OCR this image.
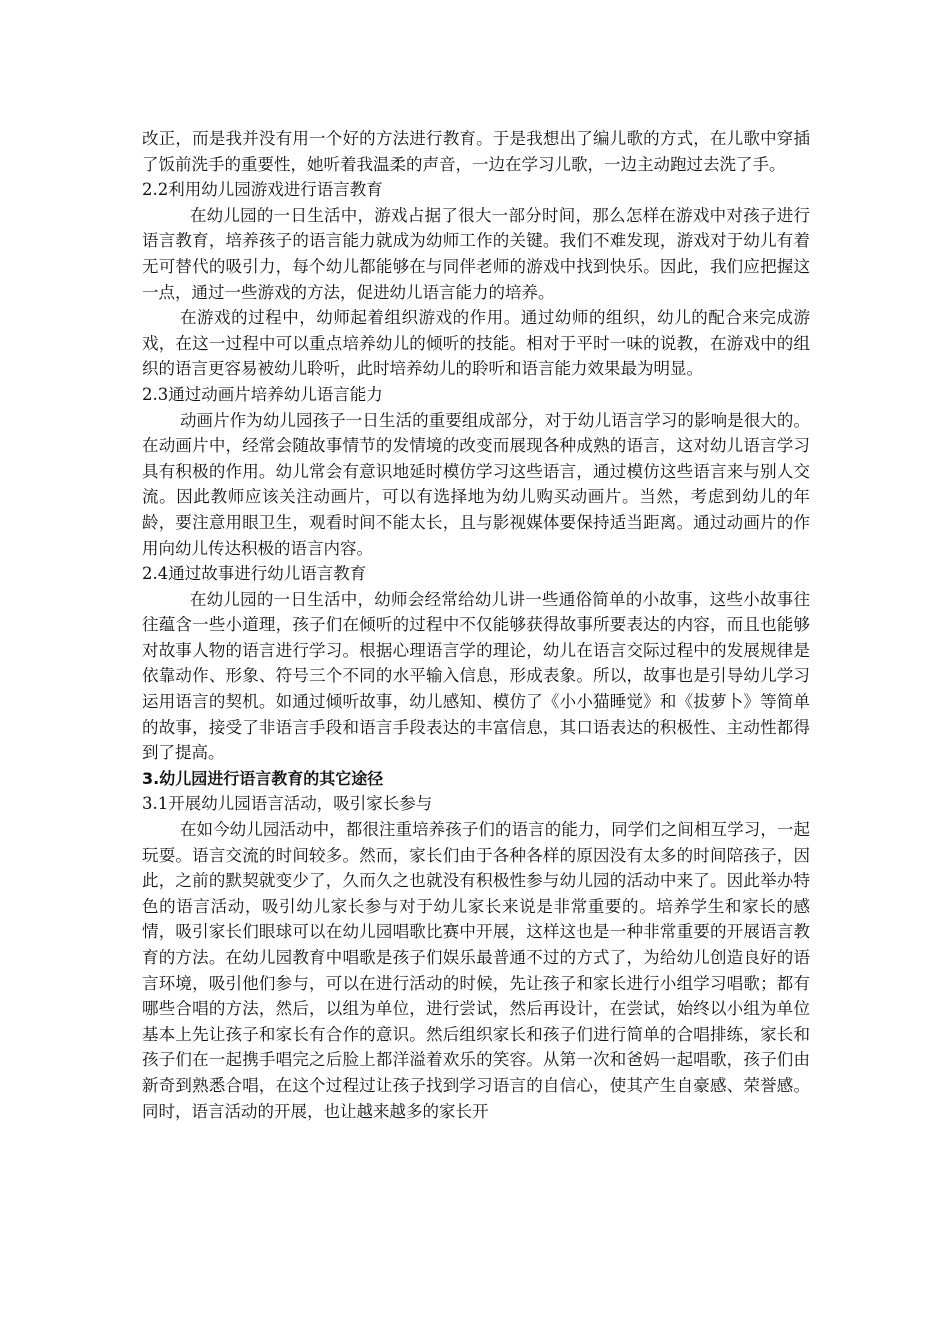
改正，而是我并没有用一个好的方法进行教育。于是我想出了编儿歌的方式，在儿歌中穿插了饭前洗手的重要性，她听着我温柔的声音，一边在学习儿歌，一边主动跑过去洗了手。

2.2利用幼儿园游戏进行语言教育

在幼儿园的一日生活中，游戏占据了很大一部分时间，那么怎样在游戏中对孩子进行语言教育，培养孩子的语言能力就成为幼师工作的关键。我们不难发现，游戏对于幼儿有着无可替代的吸引力，每个幼儿都能够在与同伴老师的游戏中找到快乐。因此，我们应把握这一点，通过一些游戏的方法，促进幼儿语言能力的培养。

在游戏的过程中，幼师起着组织游戏的作用。通过幼师的组织，幼儿的配合来完成游戏，在这一过程中可以重点培养幼儿的倾听的技能。相对于平时一味的说教，在游戏中的组织的语言更容易被幼儿聆听，此时培养幼儿的聆听和语言能力效果最为明显。

2.3通过动画片培养幼儿语言能力

动画片作为幼儿园孩子一日生活的重要组成部分，对于幼儿语言学习的影响是很大的。在动画片中，经常会随故事情节的发情境的改变而展现各种成熟的语言，这对幼儿语言学习具有积极的作用。幼儿常会有意识地延时模仿学习这些语言，通过模仿这些语言来与别人交流。因此教师应该关注动画片，可以有选择地为幼儿购买动画片。当然，考虑到幼儿的年龄，要注意用眼卫生，观看时间不能太长，且与影视媒体要保持适当距离。通过动画片的作用向幼儿传达积极的语言内容。

2.4通过故事进行幼儿语言教育

在幼儿园的一日生活中，幼师会经常给幼儿讲一些通俗简单的小故事，这些小故事往往蕴含一些小道理，孩子们在倾听的过程中不仅能够获得故事所要表达的内容，而且也能够对故事人物的语言进行学习。根据心理语言学的理论，幼儿在语言交际过程中的发展规律是依靠动作、形象、符号三个不同的水平输入信息，形成表象。所以，故事也是引导幼儿学习运用语言的契机。如通过倾听故事，幼儿感知、模仿了《小小猫睡觉》和《拔萝卜》等简单的故事，接受了非语言手段和语言手段表达的丰富信息，其口语表达的积极性、主动性都得到了提高。

3.幼儿园进行语言教育的其它途径

3.1开展幼儿园语言活动，吸引家长参与

在如今幼儿园活动中，都很注重培养孩子们的语言的能力，同学们之间相互学习，一起玩耍。语言交流的时间较多。然而，家长们由于各种各样的原因没有太多的时间陪孩子，因此，之前的默契就变少了，久而久之也就没有积极性参与幼儿园的活动中来了。因此举办特色的语言活动，吸引幼儿家长参与对于幼儿家长来说是非常重要的。培养学生和家长的感情，吸引家长们眼球可以在幼儿园唱歌比赛中开展，这样这也是一种非常重要的开展语言教育的方法。在幼儿园教育中唱歌是孩子们娱乐最普通不过的方式了，为给幼儿创造良好的语言环境，吸引他们参与，可以在进行活动的时候，先让孩子和家长进行小组学习唱歌；都有哪些合唱的方法，然后，以组为单位，进行尝试，然后再设计，在尝试，始终以小组为单位基本上先让孩子和家长有合作的意识。然后组织家长和孩子们进行简单的合唱排练，家长和孩子们在一起携手唱完之后脸上都洋溢着欢乐的笑容。从第一次和爸妈一起唱歌，孩子们由新奇到熟悉合唱，在这个过程过让孩子找到学习语言的自信心，使其产生自豪感、荣誉感。同时，语言活动的开展，也让越来越多的家长开
